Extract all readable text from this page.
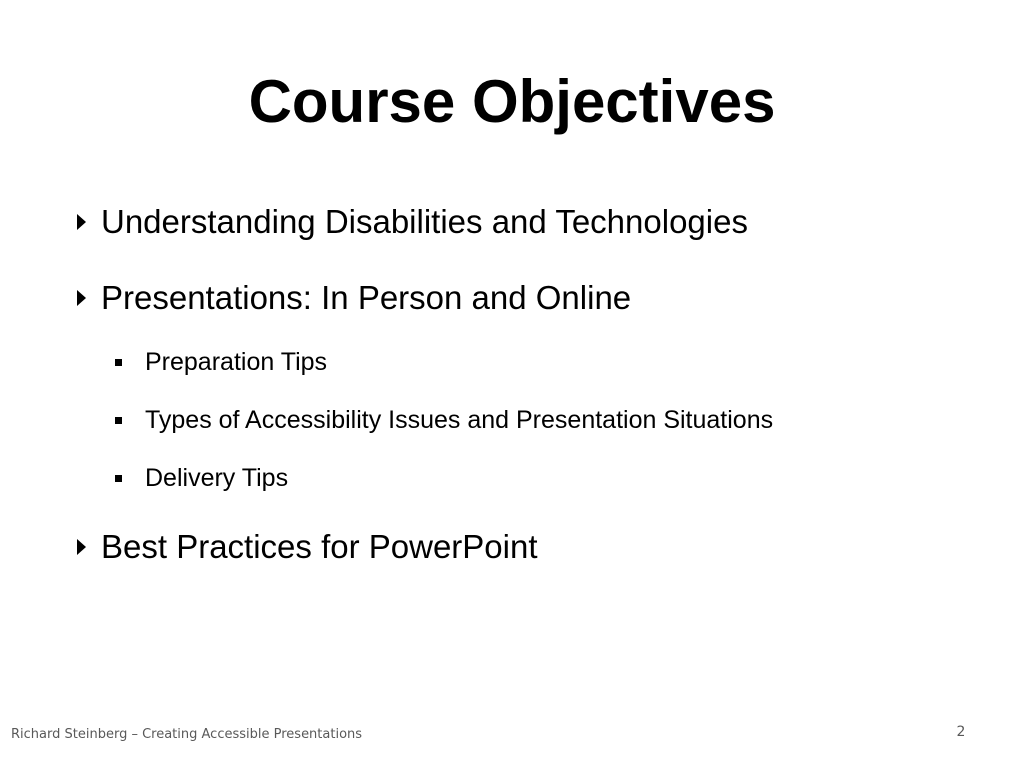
Course Objectives
Understanding Disabilities and Technologies
Presentations: In Person and Online
Preparation Tips
Types of Accessibility Issues and Presentation Situations
Delivery Tips
Best Practices for PowerPoint
Richard Steinberg – Creating Accessible Presentations	2
